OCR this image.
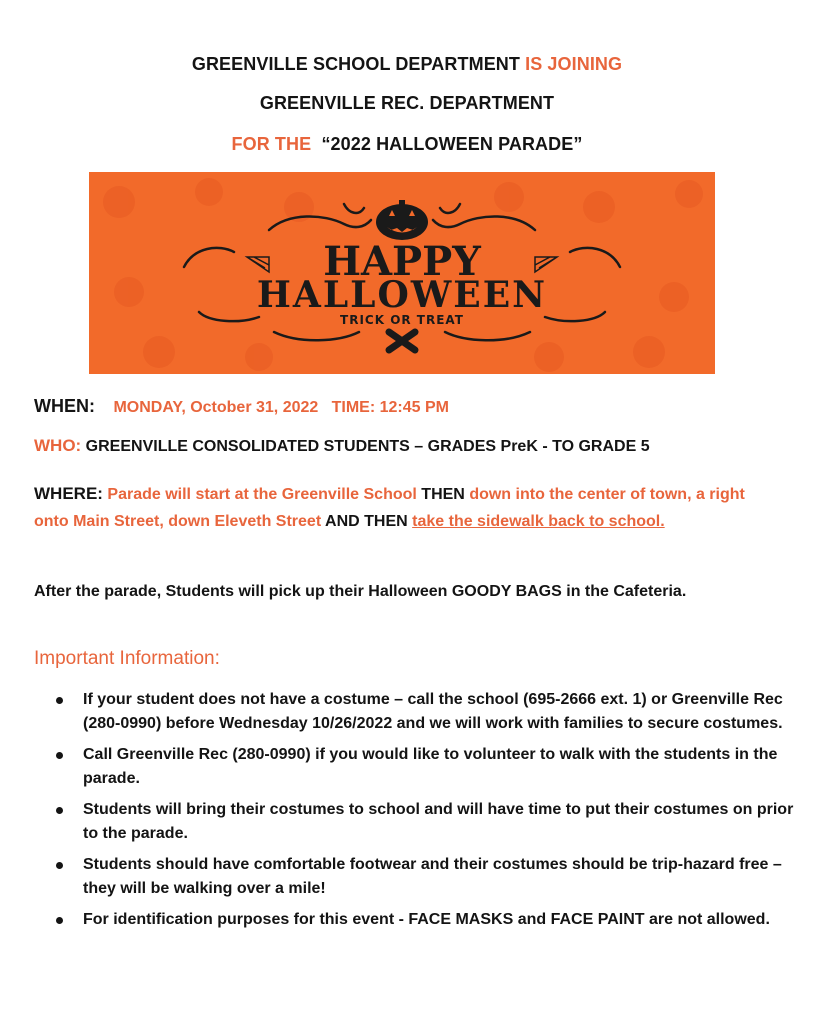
GREENVILLE SCHOOL DEPARTMENT IS JOINING
GREENVILLE REC. DEPARTMENT
FOR THE “2022 HALLOWEEN PARADE”
HAPPY
HALLOWEEN
TRICK OR TREAT
WHEN: MONDAY, October 31, 2022   TIME: 12:45 PM
WHO: GREENVILLE CONSOLIDATED STUDENTS – GRADES PreK - TO GRADE 5
WHERE: Parade will start at the Greenville School THEN down into the center of town, a right onto Main Street, down Eleveth Street AND THEN take the sidewalk back to school.
After the parade, Students will pick up their Halloween GOODY BAGS in the Cafeteria.
Important Information:
If your student does not have a costume – call the school (695-2666 ext. 1) or Greenville Rec (280-0990) before Wednesday 10/26/2022 and we will work with families to secure costumes.
Call Greenville Rec (280-0990) if you would like to volunteer to walk with the students in the parade.
Students will bring their costumes to school and will have time to put their costumes on prior to the parade.
Students should have comfortable footwear and their costumes should be trip-hazard free – they will be walking over a mile!
For identification purposes for this event - FACE MASKS and FACE PAINT are not allowed.
